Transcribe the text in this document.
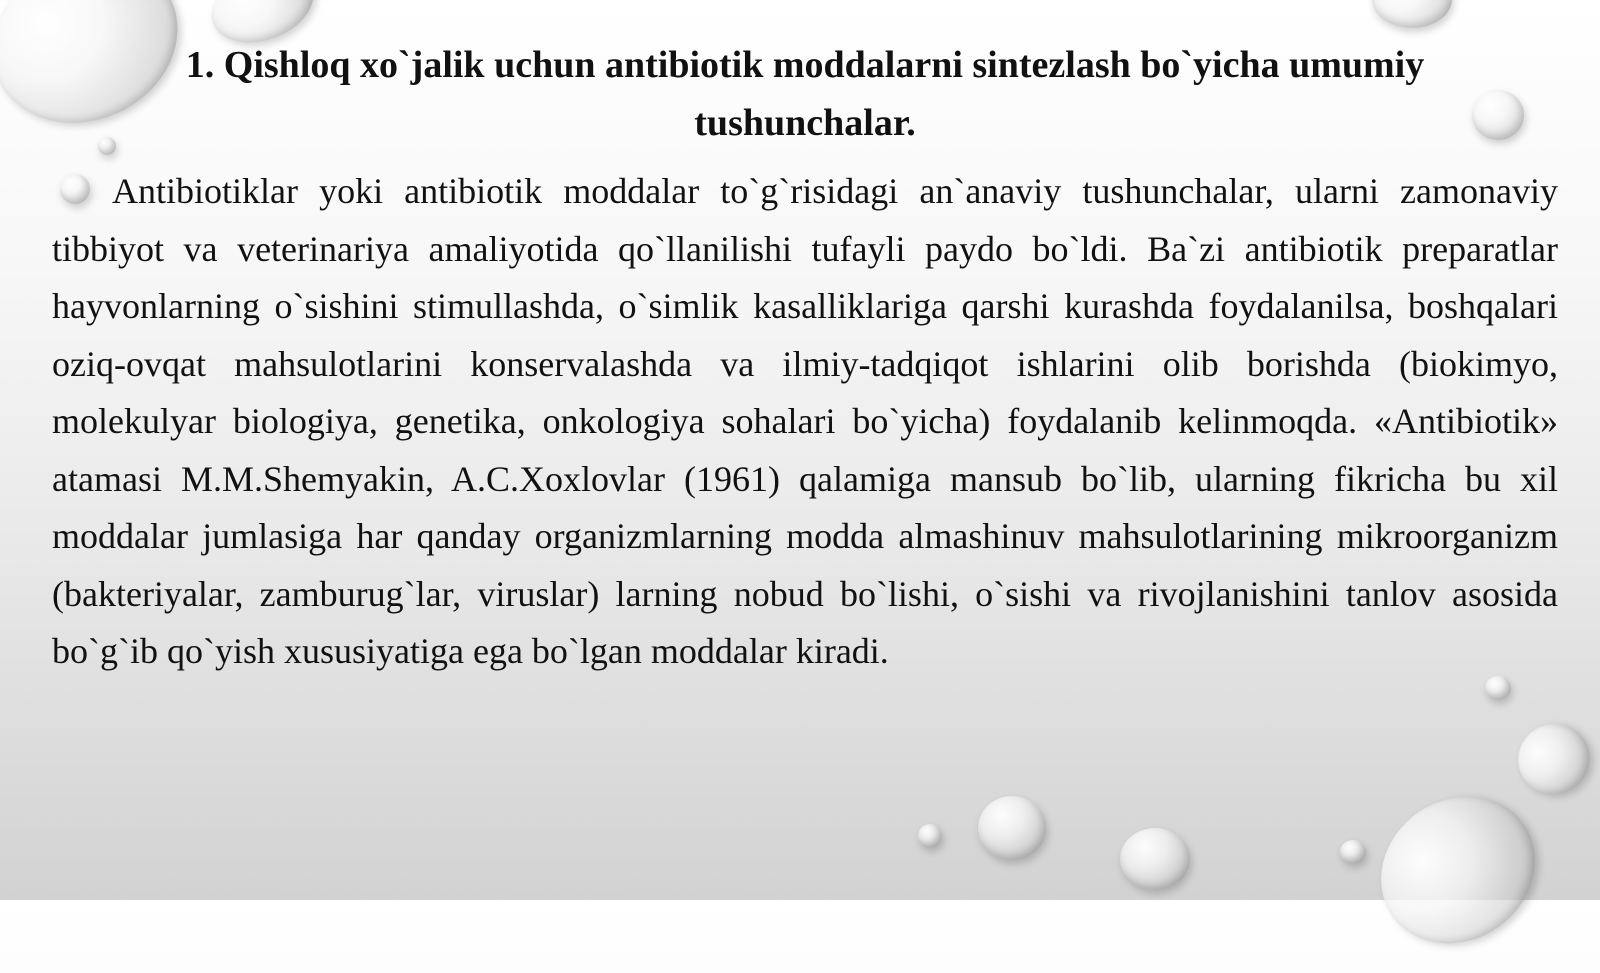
1. Qishloq xo`jalik uchun antibiotik moddalarni sintezlash bo`yicha umumiy tushunchalar.

Antibiotiklar yoki antibiotik moddalar to`g`risidagi an`anaviy tushunchalar, ularni zamonaviy tibbiyot va veterinariya amaliyotida qo`llanilishi tufayli paydo bo`ldi. Ba`zi antibiotik preparatlar hayvonlarning o`sishini stimullashda, o`simlik kasalliklariga qarshi kurashda foydalanilsa, boshqalari oziq-ovqat mahsulotlarini konservalashda va ilmiy-tadqiqot ishlarini olib borishda (biokimyo, molekulyar biologiya, genetika, onkologiya sohalari bo`yicha) foydalanib kelinmoqda. «Antibiotik» atamasi M.M.Shemyakin, A.C.Xoxlovlar (1961) qalamiga mansub bo`lib, ularning fikricha bu xil moddalar jumlasiga har qanday organizmlarning modda almashinuv mahsulotlarining mikroorganizm (bakteriyalar, zamburug`lar, viruslar) larning nobud bo`lishi, o`sishi va rivojlanishini tanlov asosida bo`g`ib qo`yish xususiyatiga ega bo`lgan moddalar kiradi.
